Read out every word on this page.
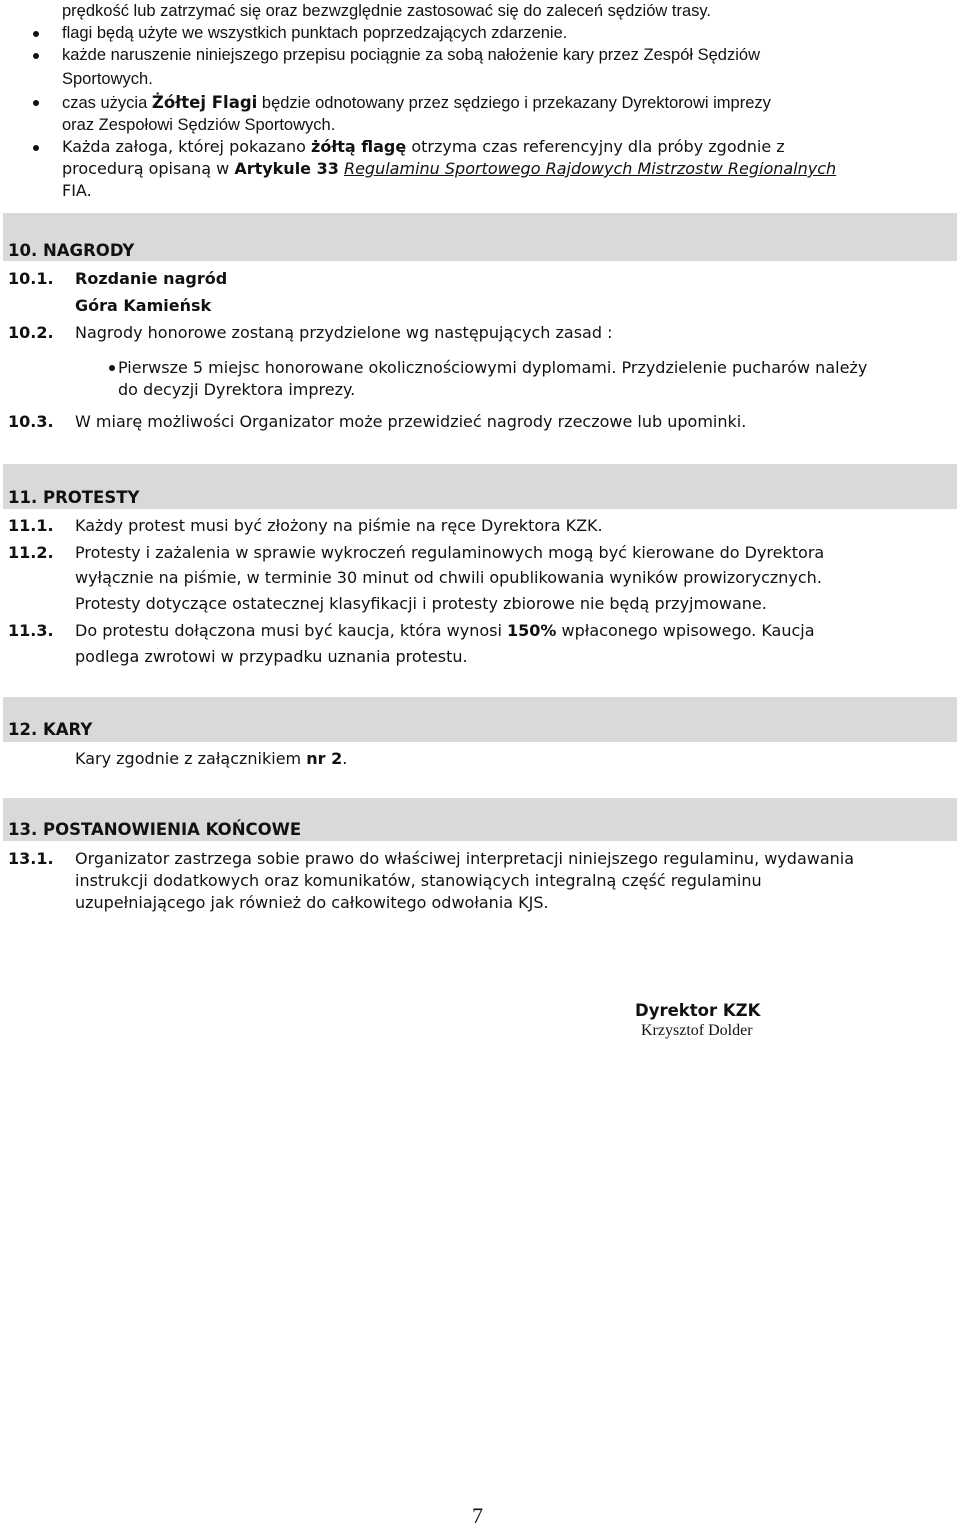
prędkość lub zatrzymać się oraz bezwzględnie zastosować się do zaleceń sędziów trasy.
flagi będą użyte we wszystkich punktach poprzedzających zdarzenie.
każde naruszenie niniejszego przepisu pociągnie za sobą nałożenie kary przez Zespół Sędziów
Sportowych.
czas użycia Żółtej Flagi będzie odnotowany przez sędziego i przekazany Dyrektorowi imprezy
oraz Zespołowi Sędziów Sportowych.
Każda załoga, której pokazano żółtą flagę otrzyma czas referencyjny dla próby zgodnie z
procedurą opisaną w Artykule 33 Regulaminu Sportowego Rajdowych Mistrzostw Regionalnych
FIA.
10. NAGRODY
10.1. Rozdanie nagród
Góra Kamieńsk
10.2. Nagrody honorowe zostaną przydzielone wg następujących zasad :
Pierwsze 5 miejsc honorowane okolicznościowymi dyplomami. Przydzielenie pucharów należy
do decyzji Dyrektora imprezy.
10.3. W miarę możliwości Organizator może przewidzieć nagrody rzeczowe lub upominki.
11. PROTESTY
11.1. Każdy protest musi być złożony na piśmie na ręce Dyrektora KZK.
11.2. Protesty i zażalenia w sprawie wykroczeń regulaminowych mogą być kierowane do Dyrektora
wyłącznie na piśmie, w terminie 30 minut od chwili opublikowania wyników prowizorycznych.
Protesty dotyczące ostatecznej klasyfikacji i protesty zbiorowe nie będą przyjmowane.
11.3. Do protestu dołączona musi być kaucja, która wynosi 150% wpłaconego wpisowego. Kaucja
podlega zwrotowi w przypadku uznania protestu.
12. KARY
Kary zgodnie z załącznikiem nr 2.
13. POSTANOWIENIA KOŃCOWE
13.1. Organizator zastrzega sobie prawo do właściwej interpretacji niniejszego regulaminu, wydawania
instrukcji dodatkowych oraz komunikatów, stanowiących integralną część regulaminu
uzupełniającego jak również do całkowitego odwołania KJS.
Dyrektor KZK
Krzysztof Dolder
7
